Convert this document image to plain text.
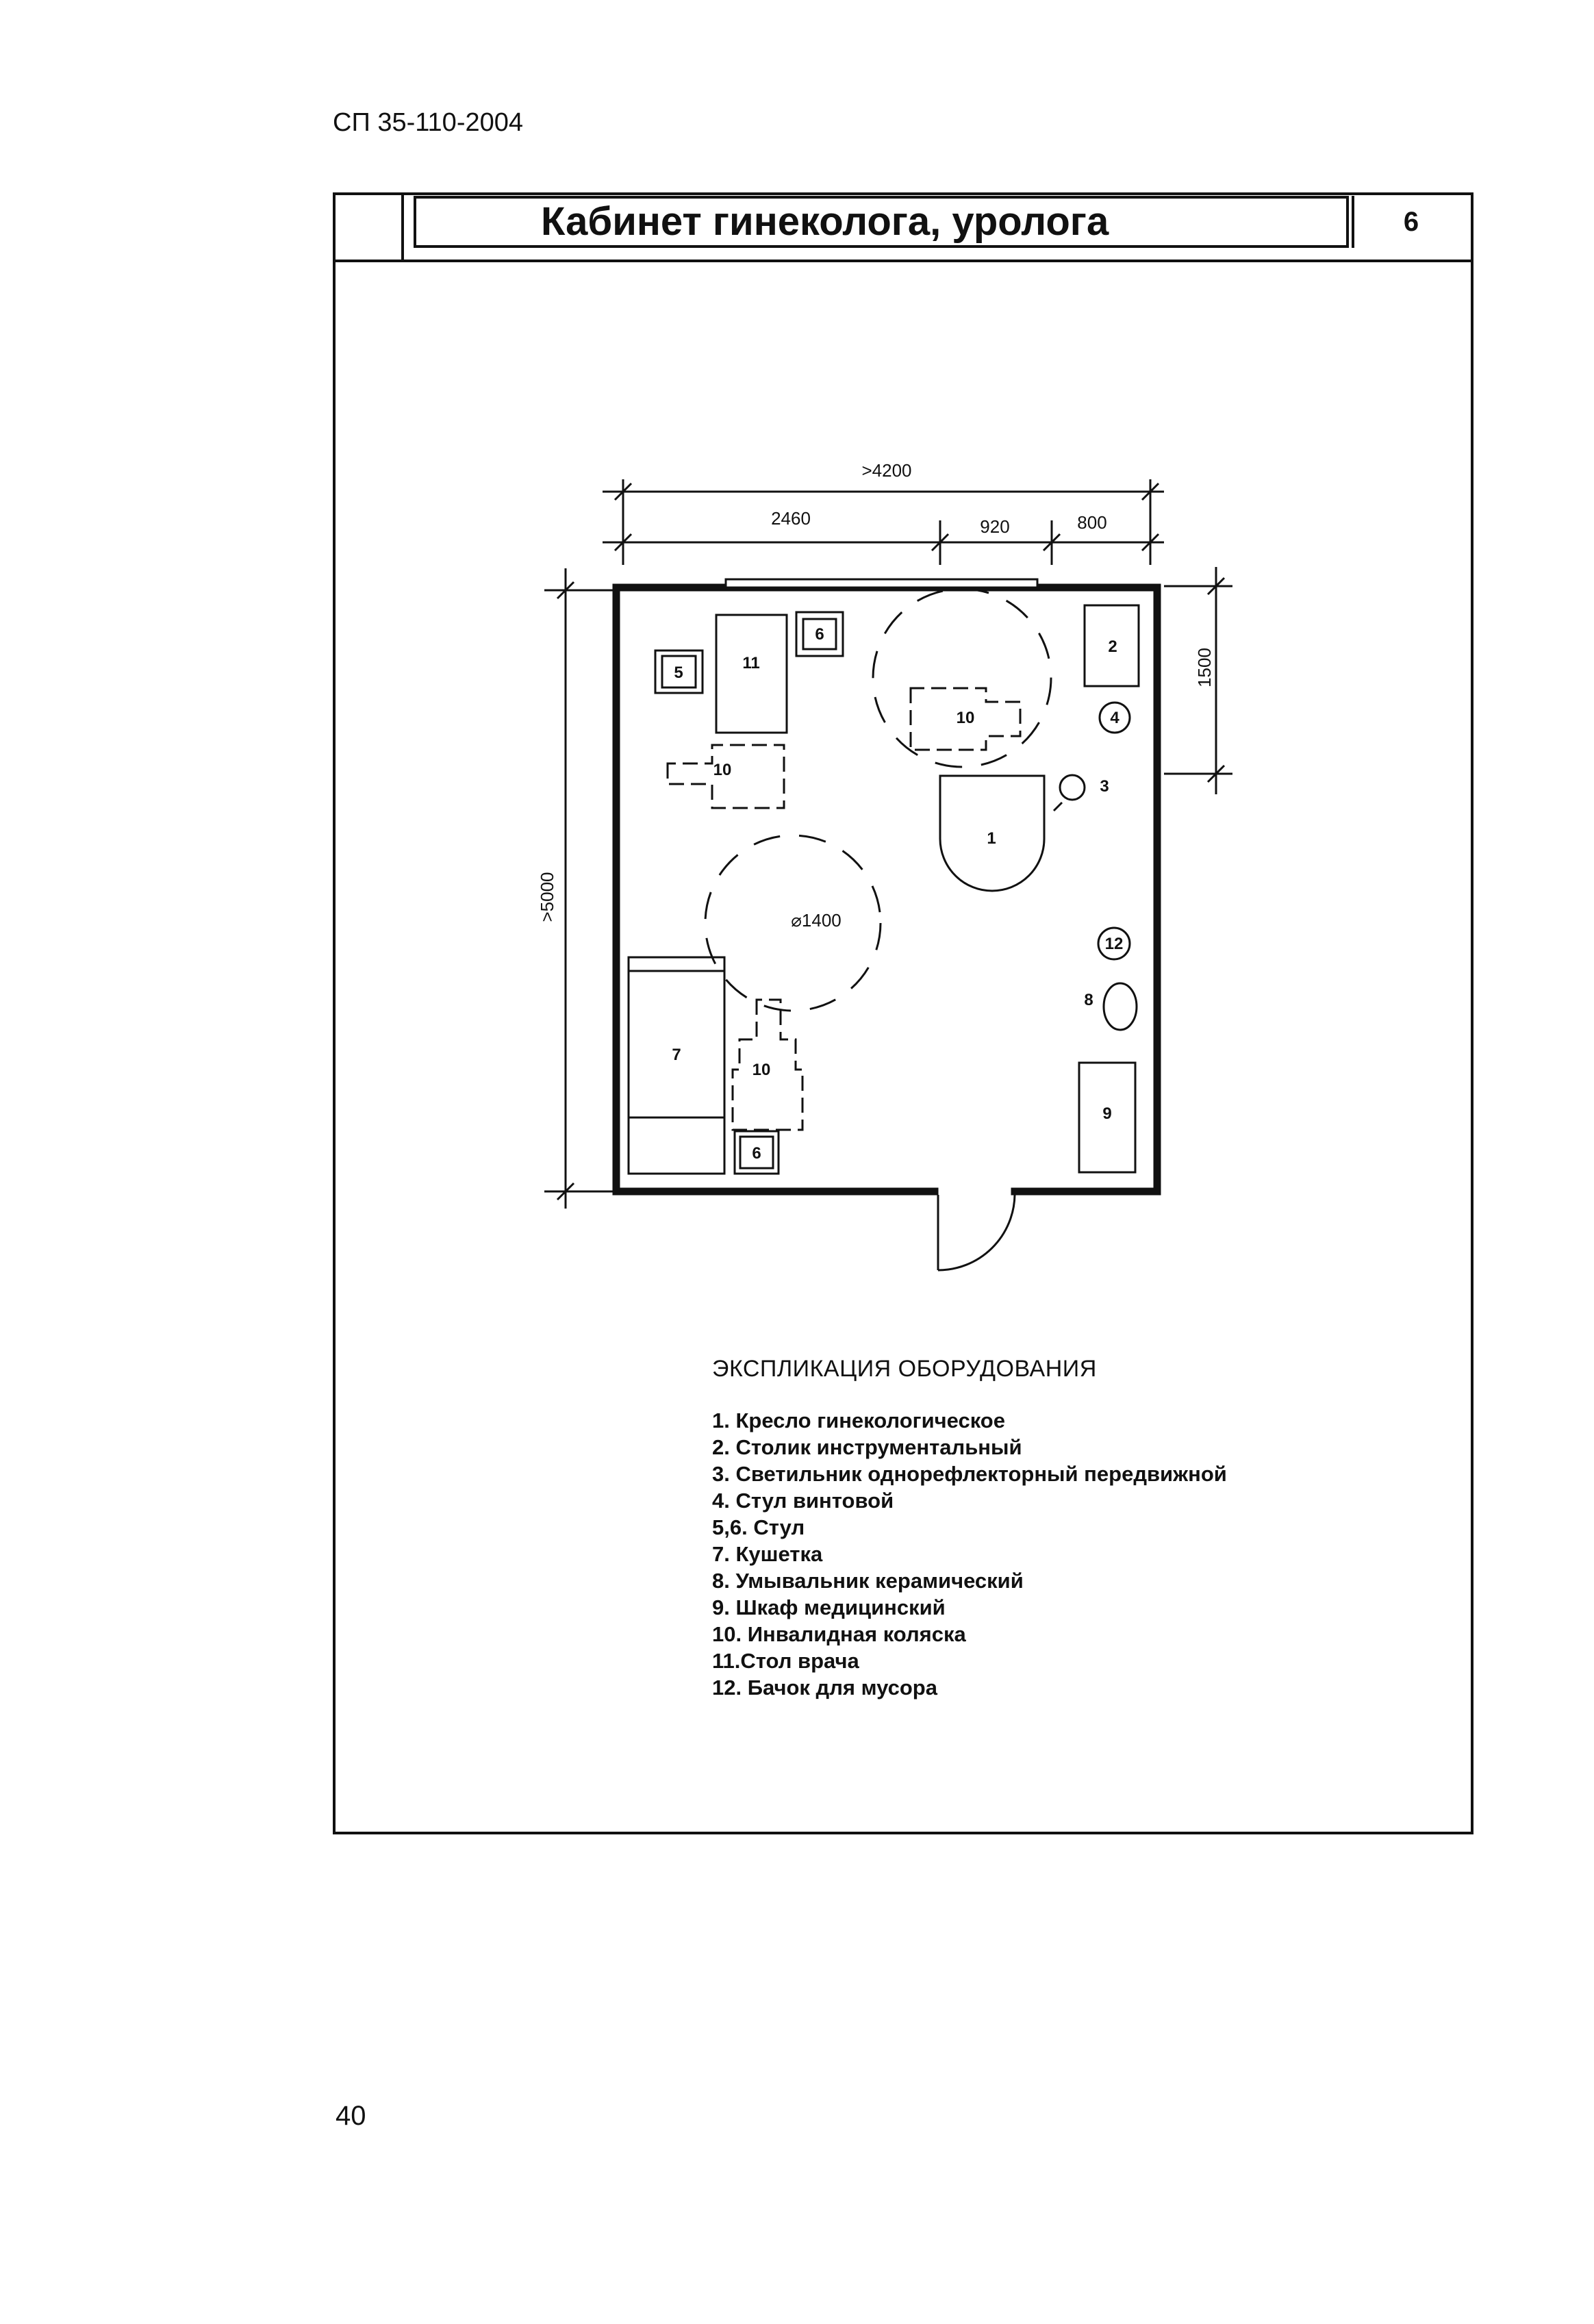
СП 35-110-2004
Кабинет гинеколога, уролога	6
>4200
2460	920	800
1500
>5000	⌀1400
1
2
3
4
5
6
6
7
8
9
10
10
10
11
12
ЭКСПЛИКАЦИЯ ОБОРУДОВАНИЯ
1. Кресло гинекологическое
2. Столик инструментальный
3. Светильник однорефлекторный передвижной
4. Стул винтовой
5,6. Стул
7. Кушетка
8. Умывальник керамический
9. Шкаф медицинский
10. Инвалидная коляска
11.Стол врача
12. Бачок для мусора
40
